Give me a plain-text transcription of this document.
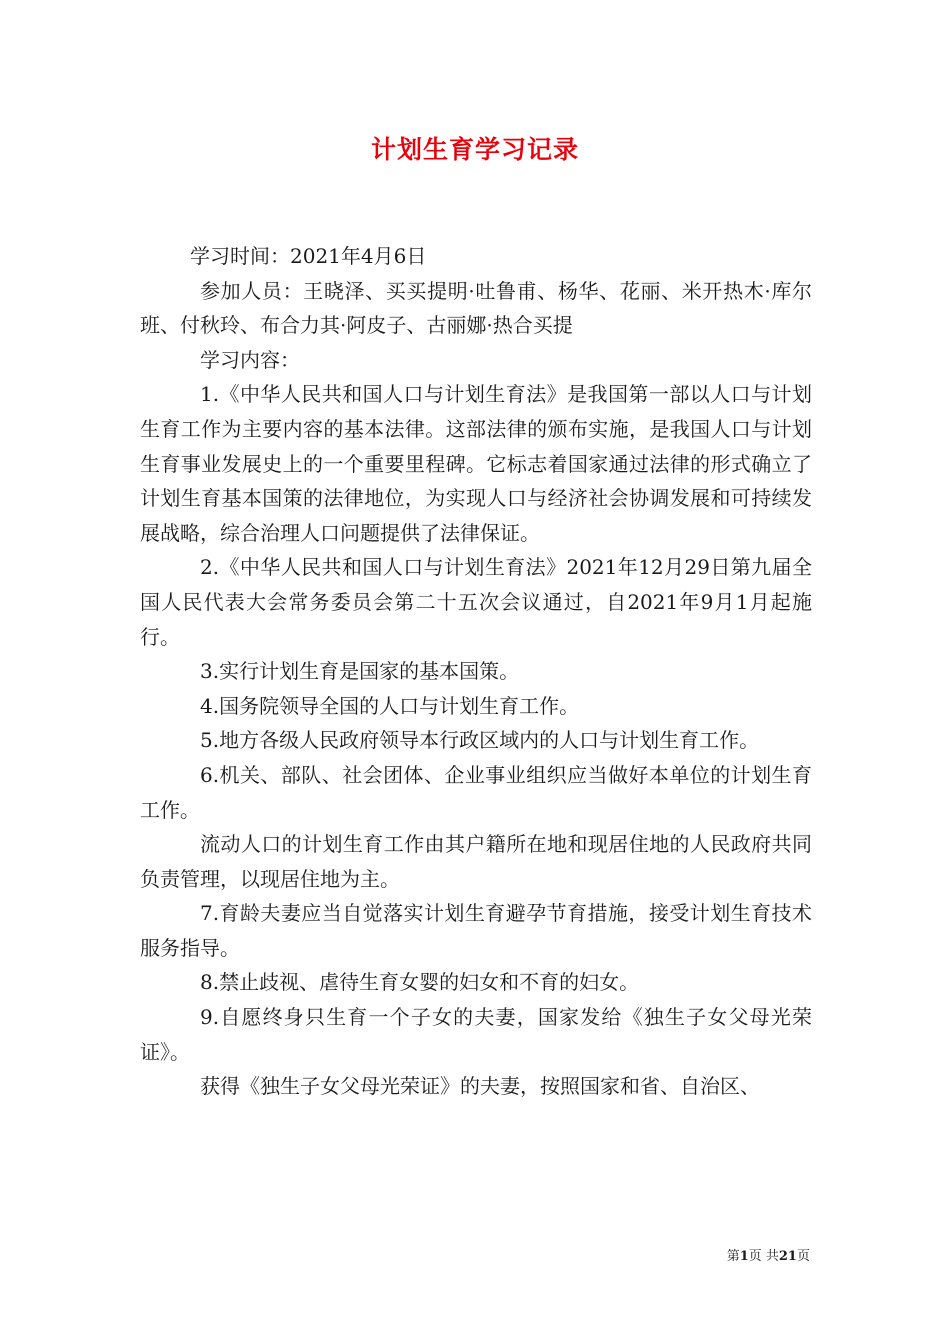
计划生育学习记录

学习时间：2021年4月6日

参加人员：王晓泽、买买提明·吐鲁甫、杨华、花丽、米开热木·库尔班、付秋玲、布合力其·阿皮子、古丽娜·热合买提

学习内容：

1.《中华人民共和国人口与计划生育法》是我国第一部以人口与计划生育工作为主要内容的基本法律。这部法律的颁布实施，是我国人口与计划生育事业发展史上的一个重要里程碑。它标志着国家通过法律的形式确立了计划生育基本国策的法律地位，为实现人口与经济社会协调发展和可持续发展战略，综合治理人口问题提供了法律保证。

2.《中华人民共和国人口与计划生育法》2021年12月29日第九届全国人民代表大会常务委员会第二十五次会议通过，自2021年9月1月起施行。

3.实行计划生育是国家的基本国策。

4.国务院领导全国的人口与计划生育工作。

5.地方各级人民政府领导本行政区域内的人口与计划生育工作。

6.机关、部队、社会团体、企业事业组织应当做好本单位的计划生育工作。

流动人口的计划生育工作由其户籍所在地和现居住地的人民政府共同负责管理，以现居住地为主。

7.育龄夫妻应当自觉落实计划生育避孕节育措施，接受计划生育技术服务指导。

8.禁止歧视、虐待生育女婴的妇女和不育的妇女。

9.自愿终身只生育一个子女的夫妻，国家发给《独生子女父母光荣证》。

获得《独生子女父母光荣证》的夫妻，按照国家和省、自治区、

第1页 共21页
